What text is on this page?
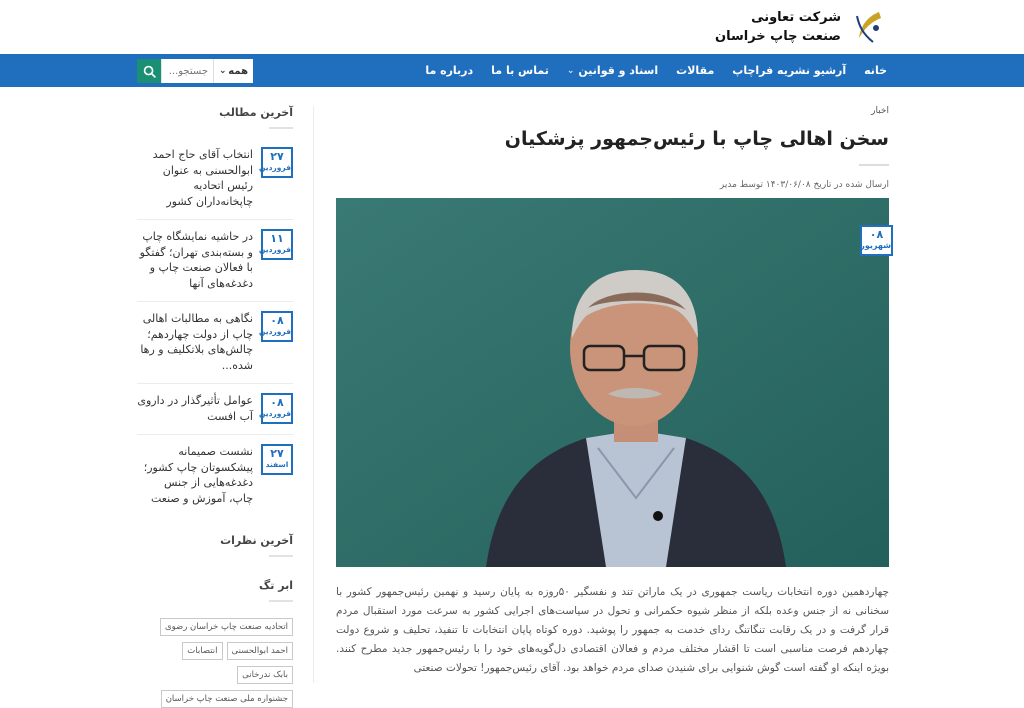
شرکت تعاونی
صنعت چاپ خراسان
خانه
آرشیو نشریه فراچاپ
مقالات
اسناد و قوانین
⌄
تماس با ما
درباره ما
جستجو...
همه
⌄
اخبار
سخن اهالی چاپ با رئیس‌جمهور پزشکیان
ارسال شده در تاریخ ۱۴۰۳/۰۶/۰۸ توسط مدیر
۰۸
شهریور
چهاردهمین دوره انتخابات ریاست جمهوری در یک ماراتن تند و نفسگیر ۵۰روزه به پایان رسید و نهمین رئیس‌جمهور کشور با سخنانی نه از جنس وعده بلکه از منظر شیوه حکمرانی و تحول در سیاست‌های اجرایی کشور به سرعت مورد استقبال مردم قرار گرفت و در یک رقابت تنگاتنگ ردای خدمت به جمهور را پوشید. دوره کوتاه پایان انتخابات تا تنفیذ، تحلیف و شروع دولت چهاردهم فرصت مناسبی است تا اقشار مختلف مردم و فعالان اقتصادی دل‌گویه‌های خود را با رئیس‌جمهور جدید مطرح کنند. بویژه اینکه او گفته است گوش شنوایی برای شنیدن صدای مردم خواهد بود. آقای رئیس‌جمهور! تحولات صنعتی
آخرین مطالب
۲۷
فروردین
انتخاب آقای حاج احمد ابوالحسنی به عنوان رئیس اتحادیه چاپخانه‌داران کشور
۱۱
فروردین
در حاشیه نمایشگاه چاپ و بسته‌بندی تهران؛ گفتگو با فعالان صنعت چاپ و دغدغه‌های آنها
۰۸
فروردین
نگاهی به مطالبات اهالی چاپ از دولت چهاردهم؛ چالش‌های بلاتکلیف و رها شده...
۰۸
فروردین
عوامل تأثیرگذار در داروی آب افست
۲۷
اسفند
نشست صمیمانه پیشکسوتان چاپ کشور؛ دغدغه‌هایی از جنس چاپ، آموزش و صنعت
آخرین نظرات
ابر تگ
اتحادیه صنعت چاپ خراسان رضوی
احمد ابوالحسنی
انتصابات
بابک ندرخانی
جشنواره ملی صنعت چاپ خراسان
